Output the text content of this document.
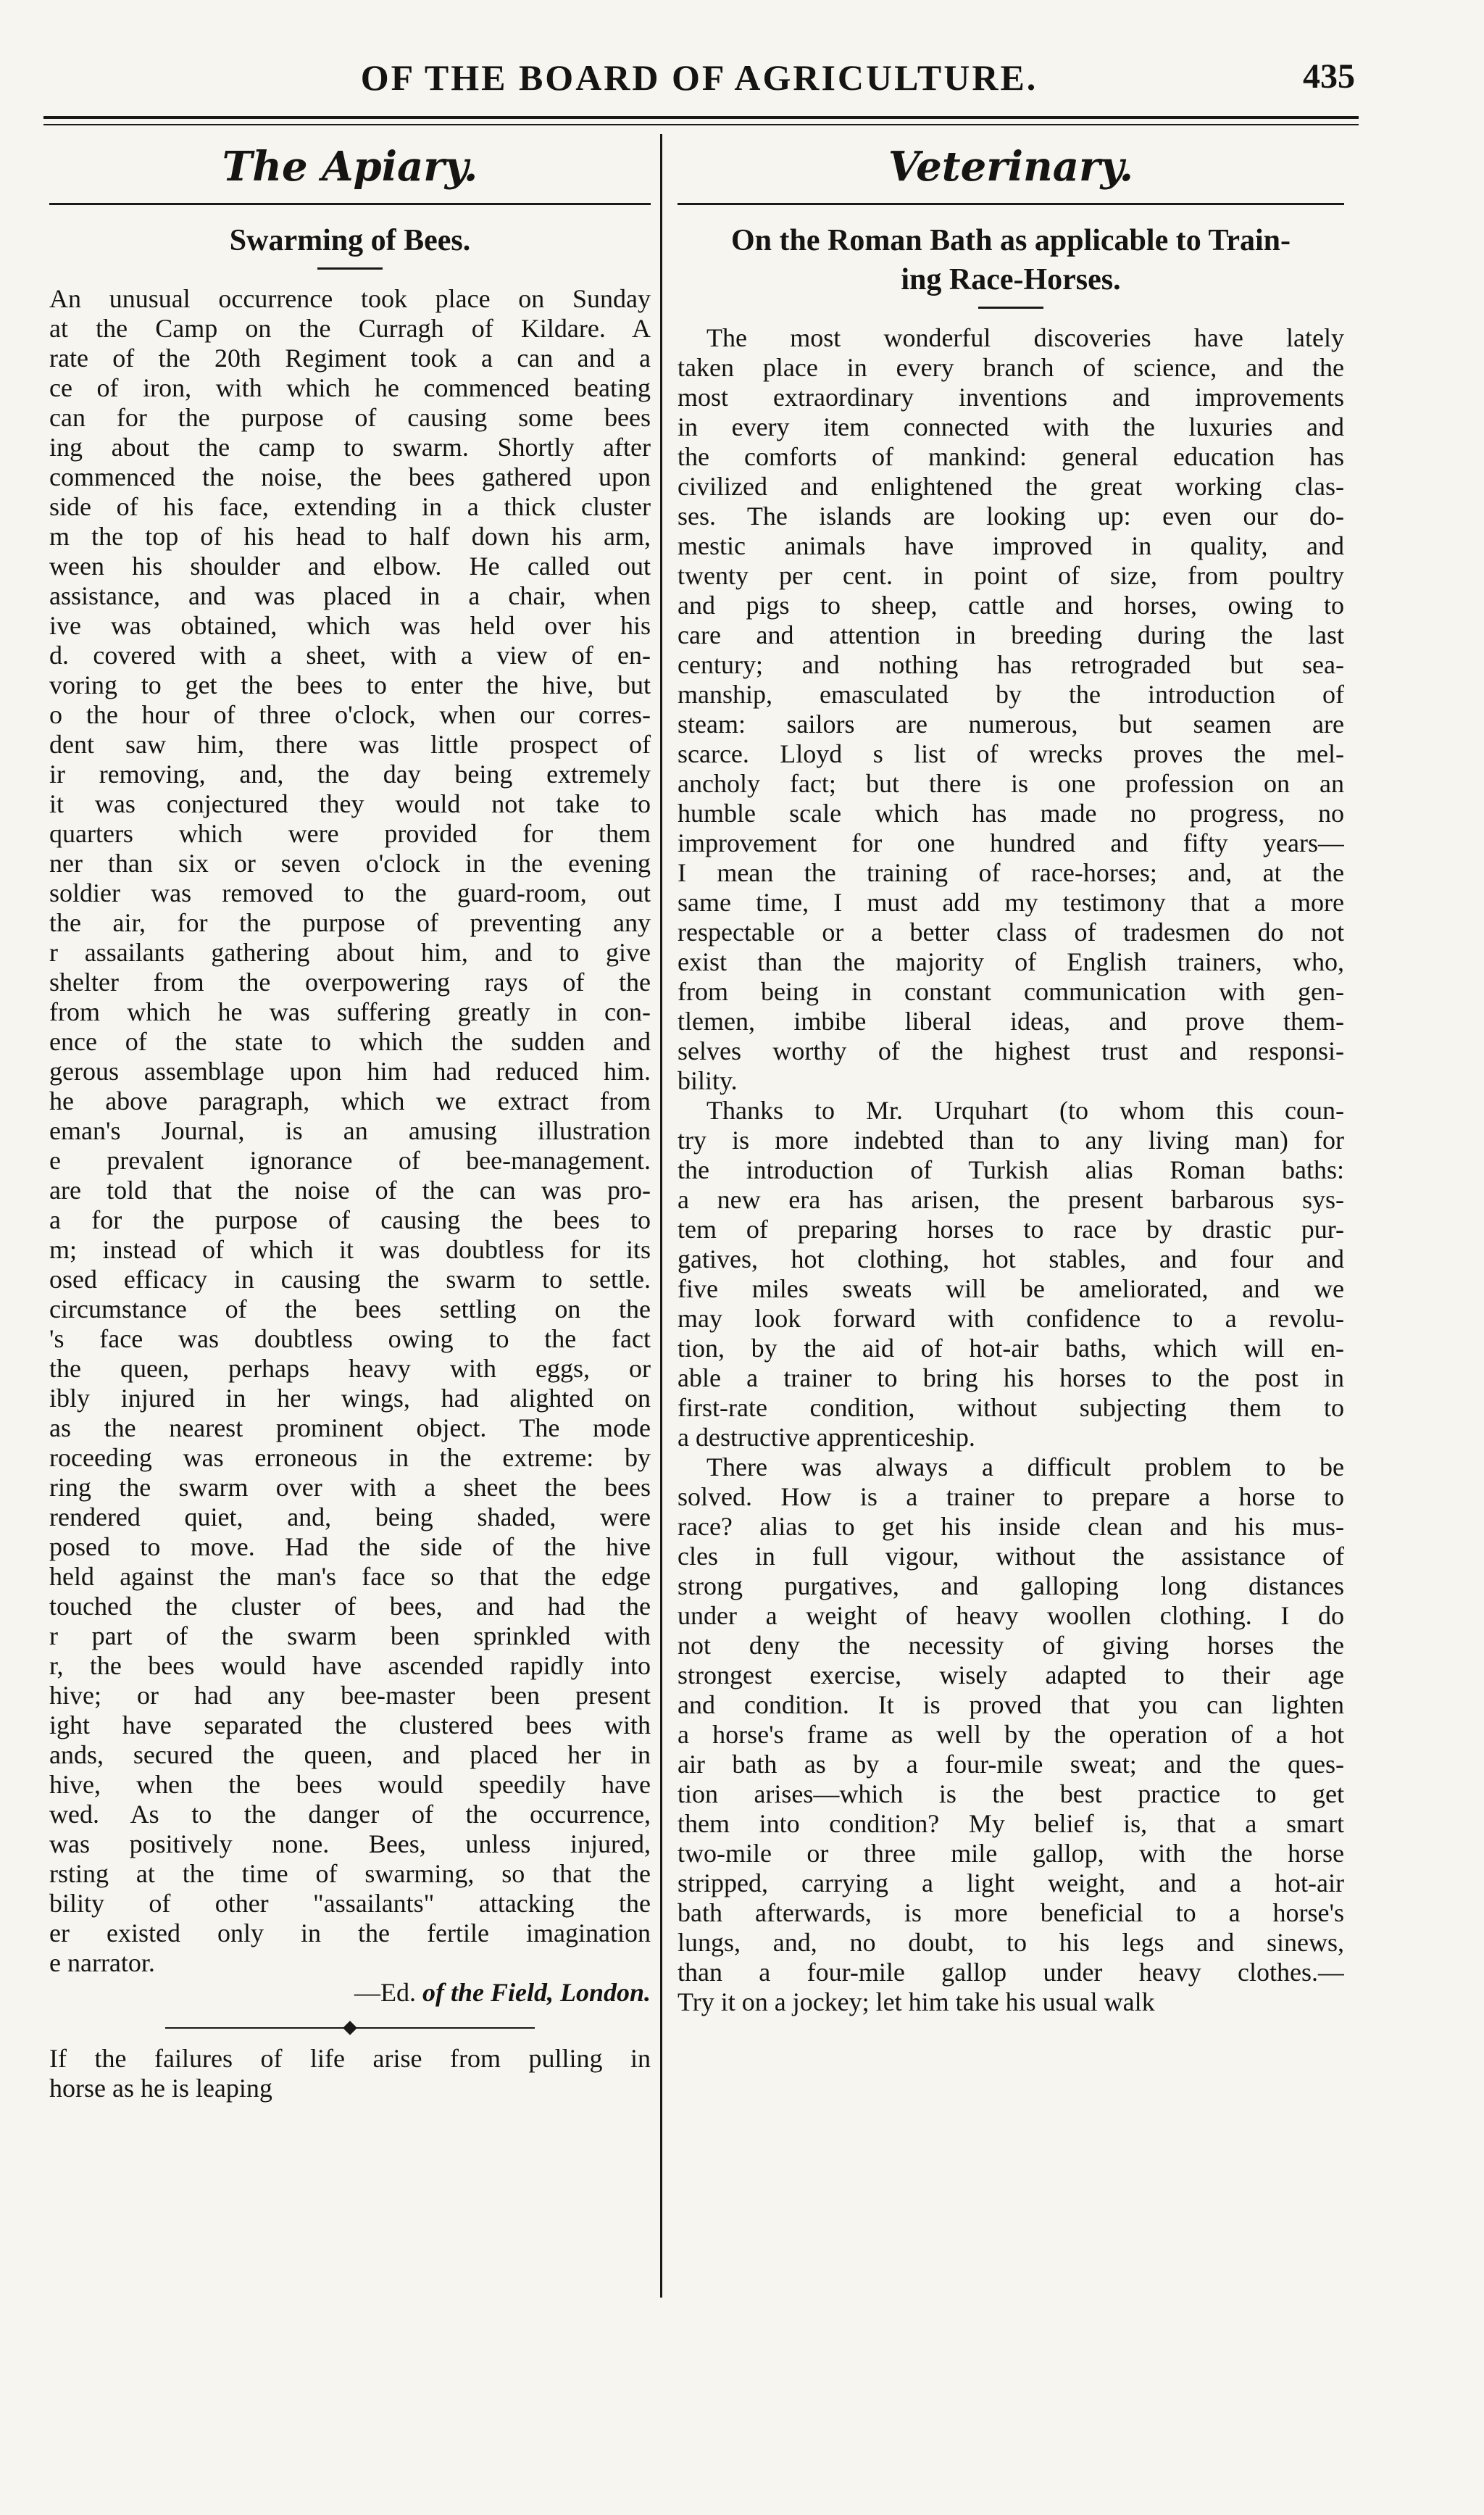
OF THE BOARD OF AGRICULTURE.	435
The Apiary.
Swarming of Bees.
An unusual occurrence took place on Sunday
at the Camp on the Curragh of Kildare. A
rate of the 20th Regiment took a can and a
ce of iron, with which he commenced beating
can for the purpose of causing some bees
ing about the camp to swarm. Shortly after
commenced the noise, the bees gathered upon
side of his face, extending in a thick cluster
m the top of his head to half down his arm,
ween his shoulder and elbow. He called out
assistance, and was placed in a chair, when
ive was obtained, which was held over his
d. covered with a sheet, with a view of en-
voring to get the bees to enter the hive, but
o the hour of three o'clock, when our corres-
dent saw him, there was little prospect of
ir removing, and, the day being extremely
it was conjectured they would not take to
quarters which were provided for them
ner than six or seven o'clock in the evening
soldier was removed to the guard-room, out
the air, for the purpose of preventing any
r assailants gathering about him, and to give
shelter from the overpowering rays of the
from which he was suffering greatly in con-
ence of the state to which the sudden and
gerous assemblage upon him had reduced him.
he above paragraph, which we extract from
eman's Journal, is an amusing illustration
e prevalent ignorance of bee-management.
are told that the noise of the can was pro-
a for the purpose of causing the bees to
m; instead of which it was doubtless for its
osed efficacy in causing the swarm to settle.
circumstance of the bees settling on the
's face was doubtless owing to the fact
the queen, perhaps heavy with eggs, or
ibly injured in her wings, had alighted on
as the nearest prominent object. The mode
roceeding was erroneous in the extreme: by
ring the swarm over with a sheet the bees
rendered quiet, and, being shaded, were
posed to move. Had the side of the hive
held against the man's face so that the edge
touched the cluster of bees, and had the
r part of the swarm been sprinkled with
r, the bees would have ascended rapidly into
hive; or had any bee-master been present
ight have separated the clustered bees with
ands, secured the queen, and placed her in
hive, when the bees would speedily have
wed. As to the danger of the occurrence,
was positively none. Bees, unless injured,
rsting at the time of swarming, so that the
bility of other "assailants" attacking the
er existed only in the fertile imagination
e narrator.
—Ed. of the Field, London.
If the failures of life arise from pulling in
horse as he is leaping
Veterinary.
On the Roman Bath as applicable to Train-
ing Race-Horses.
The most wonderful discoveries have lately
taken place in every branch of science, and the
most extraordinary inventions and improvements
in every item connected with the luxuries and
the comforts of mankind: general education has
civilized and enlightened the great working clas-
ses. The islands are looking up: even our do-
mestic animals have improved in quality, and
twenty per cent. in point of size, from poultry
and pigs to sheep, cattle and horses, owing to
care and attention in breeding during the last
century; and nothing has retrograded but sea-
manship, emasculated by the introduction of
steam: sailors are numerous, but seamen are
scarce. Lloyd s list of wrecks proves the mel-
ancholy fact; but there is one profession on an
humble scale which has made no progress, no
improvement for one hundred and fifty years—
I mean the training of race-horses; and, at the
same time, I must add my testimony that a more
respectable or a better class of tradesmen do not
exist than the majority of English trainers, who,
from being in constant communication with gen-
tlemen, imbibe liberal ideas, and prove them-
selves worthy of the highest trust and responsi-
bility.
Thanks to Mr. Urquhart (to whom this coun-
try is more indebted than to any living man) for
the introduction of Turkish alias Roman baths:
a new era has arisen, the present barbarous sys-
tem of preparing horses to race by drastic pur-
gatives, hot clothing, hot stables, and four and
five miles sweats will be ameliorated, and we
may look forward with confidence to a revolu-
tion, by the aid of hot-air baths, which will en-
able a trainer to bring his horses to the post in
first-rate condition, without subjecting them to
a destructive apprenticeship.
There was always a difficult problem to be
solved. How is a trainer to prepare a horse to
race? alias to get his inside clean and his mus-
cles in full vigour, without the assistance of
strong purgatives, and galloping long distances
under a weight of heavy woollen clothing. I do
not deny the necessity of giving horses the
strongest exercise, wisely adapted to their age
and condition. It is proved that you can lighten
a horse's frame as well by the operation of a hot
air bath as by a four-mile sweat; and the ques-
tion arises—which is the best practice to get
them into condition? My belief is, that a smart
two-mile or three mile gallop, with the horse
stripped, carrying a light weight, and a hot-air
bath afterwards, is more beneficial to a horse's
lungs, and, no doubt, to his legs and sinews,
than a four-mile gallop under heavy clothes.—
Try it on a jockey; let him take his usual walk
